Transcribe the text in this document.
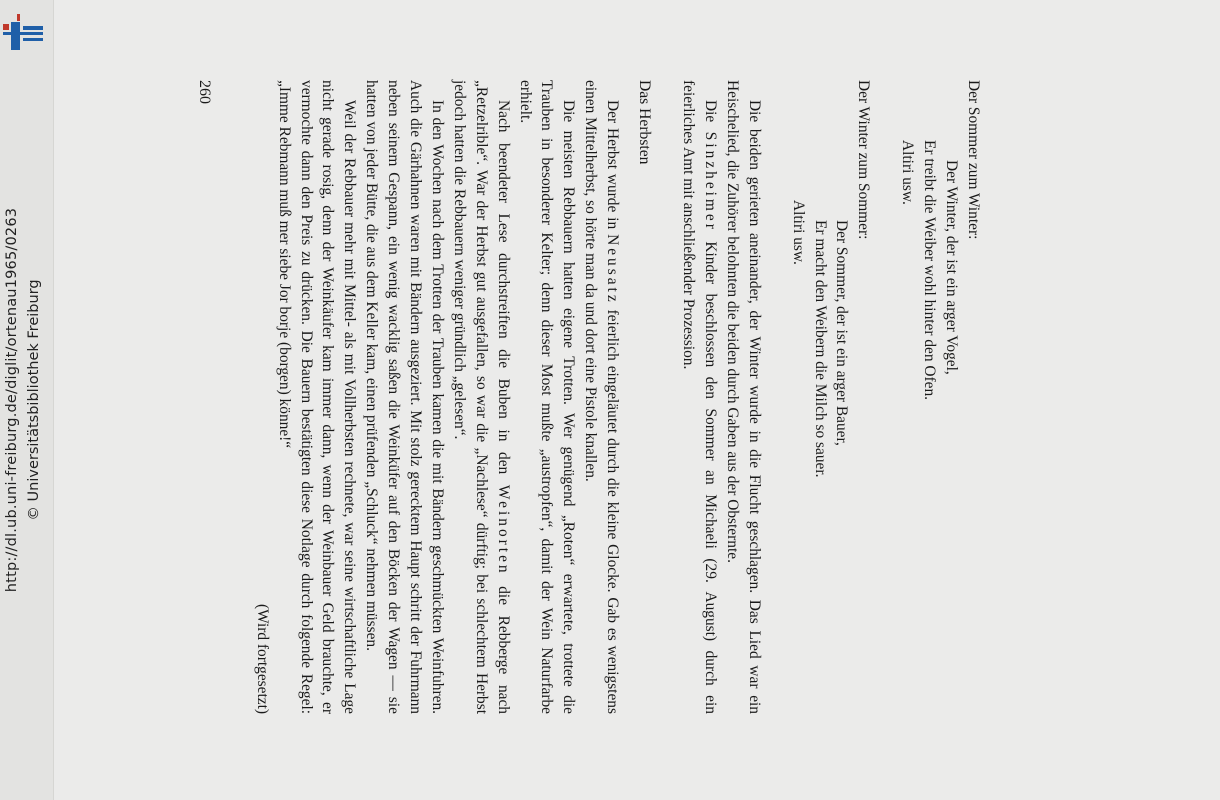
http://dl.ub.uni-freiburg.de/diglit/ortenau1965/0263 © Universitätsbibliothek Freiburg

Der Sommer zum Winter:

Der Winter, der ist ein arger Vogel,

Er treibt die Weiber wohl hinter den Ofen.

Altiri usw.

Der Winter zum Sommer:

Der Sommer, der ist ein arger Bauer,

Er macht den Weibern die Milch so sauer.

Altiri usw.

Die beiden gerieten aneinander, der Winter wurde in die Flucht geschlagen. Das Lied war ein Heischelied, die Zuhörer belohnten die beiden durch Gaben aus der Obsternte.

Die Sinzheimer Kinder beschlossen den Sommer an Michaeli (29. August) durch ein feierliches Amt mit anschließender Prozession.

Das Herbsten

Der Herbst wurde in Neusatz feierlich eingeläutet durch die kleine Glocke. Gab es wenigstens einen Mittelherbst, so hörte man da und dort eine Pistole knallen.

Die meisten Rebbauern hatten eigene Trotten. Wer genügend „Roten“ erwartete, trottete die Trauben in besonderer Kelter; denn dieser Most mußte „austropfen“, damit der Wein Naturfarbe erhielt.

Nach beendeter Lese durchstreiften die Buben in den Weinorten die Rebberge nach „Retzelrible“. War der Herbst gut ausgefallen, so war die „Nachlese“ dürftig; bei schlechtem Herbst jedoch hatten die Rebbauern weniger gründlich „gelesen“.

In den Wochen nach dem Trotten der Trauben kamen die mit Bändern geschmückten Weinfuhren. Auch die Gärhahnen waren mit Bändern ausgeziert. Mit stolz gerecktem Haupt schritt der Fuhrmann neben seinem Gespann, ein wenig wacklig saßen die Weinküfer auf den Böcken der Wagen — sie hatten von jeder Bütte, die aus dem Keller kam, einen prüfenden „Schluck“ nehmen müssen.

Weil der Rebbauer mehr mit Mittel- als mit Vollherbsten rechnete, war seine wirtschaftliche Lage nicht gerade rosig, denn der Weinkäufer kam immer dann, wenn der Weinbauer Geld brauchte, er vermochte dann den Preis zu drücken. Die Bauern bestätigten diese Notlage durch folgende Regel: „Imme Rebmann muß mer siebe Jor borje (borgen) könne!“

(Wird fortgesetzt)

260
